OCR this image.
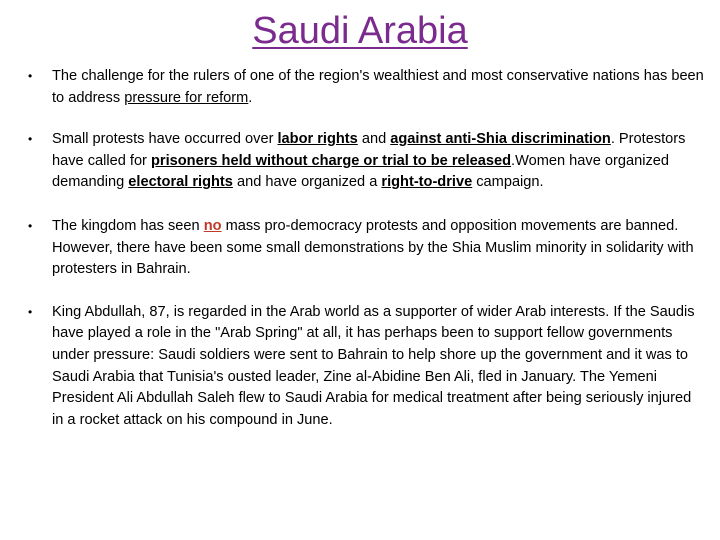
Saudi Arabia
• The challenge for the rulers of one of the region's wealthiest and most conservative nations has been to address pressure for reform.
• Small protests have occurred over labor rights and against anti-Shia discrimination. Protestors have called for prisoners held without charge or trial to be released.Women have organized demanding electoral rights and have organized a right-to-drive campaign.
• The kingdom has seen no mass pro-democracy protests and opposition movements are banned. However, there have been some small demonstrations by the Shia Muslim minority in solidarity with protesters in Bahrain.
• King Abdullah, 87, is regarded in the Arab world as a supporter of wider Arab interests. If the Saudis have played a role in the "Arab Spring" at all, it has perhaps been to support fellow governments under pressure: Saudi soldiers were sent to Bahrain to help shore up the government and it was to Saudi Arabia that Tunisia's ousted leader, Zine al-Abidine Ben Ali, fled in January. The Yemeni President Ali Abdullah Saleh flew to Saudi Arabia for medical treatment after being seriously injured in a rocket attack on his compound in June.
